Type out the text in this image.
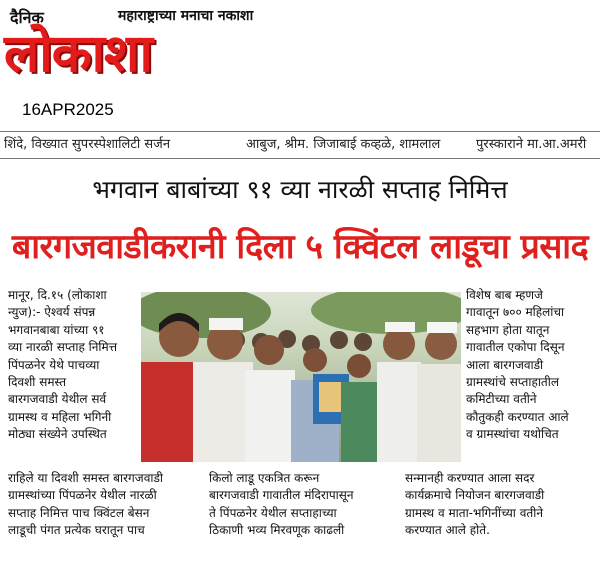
दैनिक	महाराष्ट्राच्या मनाचा नकाशा
लोकाशा
16APR2025
शिंदे, विख्यात सुपरस्पेशालिटी सर्जन	आबुज, श्रीम. जिजाबाई कव्हळे, शामलाल	पुरस्काराने मा.आ.अमरी
भगवान बाबांच्या ९१ व्या नारळी सप्ताह निमित्त
बारगजवाडीकरानी दिला ५ क्विंटल लाडूचा प्रसाद

मानूर, दि.१५ (लोकाशा

न्युज):- ऐश्वर्य संपन्न

भगवानबाबा यांच्या ९१

व्या नारळी सप्ताह निमित्त

पिंपळनेर येथे पाचव्या

दिवशी समस्त

बारगजवाडी येथील सर्व

ग्रामस्थ व महिला भगिनी

मोठ्या संख्येने उपस्थित

विशेष बाब म्हणजे

गावातून ७०० महिलांचा

सहभाग होता यातून

गावातील एकोपा दिसून

आला बारगजवाडी

ग्रामस्थांचे सप्ताहातील

कमिटीच्या वतीने

कौतुकही करण्यात आले

व ग्रामस्थांचा यथोचित

राहिले या दिवशी समस्त बारगजवाडी

ग्रामस्थांच्या पिंपळनेर येथील नारळी

सप्ताह निमित्त पाच क्विंटल बेसन

लाडूची पंगत प्रत्येक घरातून पाच

किलो लाडू एकत्रित करून

बारगजवाडी गावातील मंदिरापासून

ते पिंपळनेर येथील सप्ताहाच्या

ठिकाणी भव्य मिरवणूक काढली

सन्मानही करण्यात आला सदर

कार्यक्रमाचे नियोजन बारगजवाडी

ग्रामस्थ व माता-भगिनींच्या वतीने

करण्यात आले होते.
